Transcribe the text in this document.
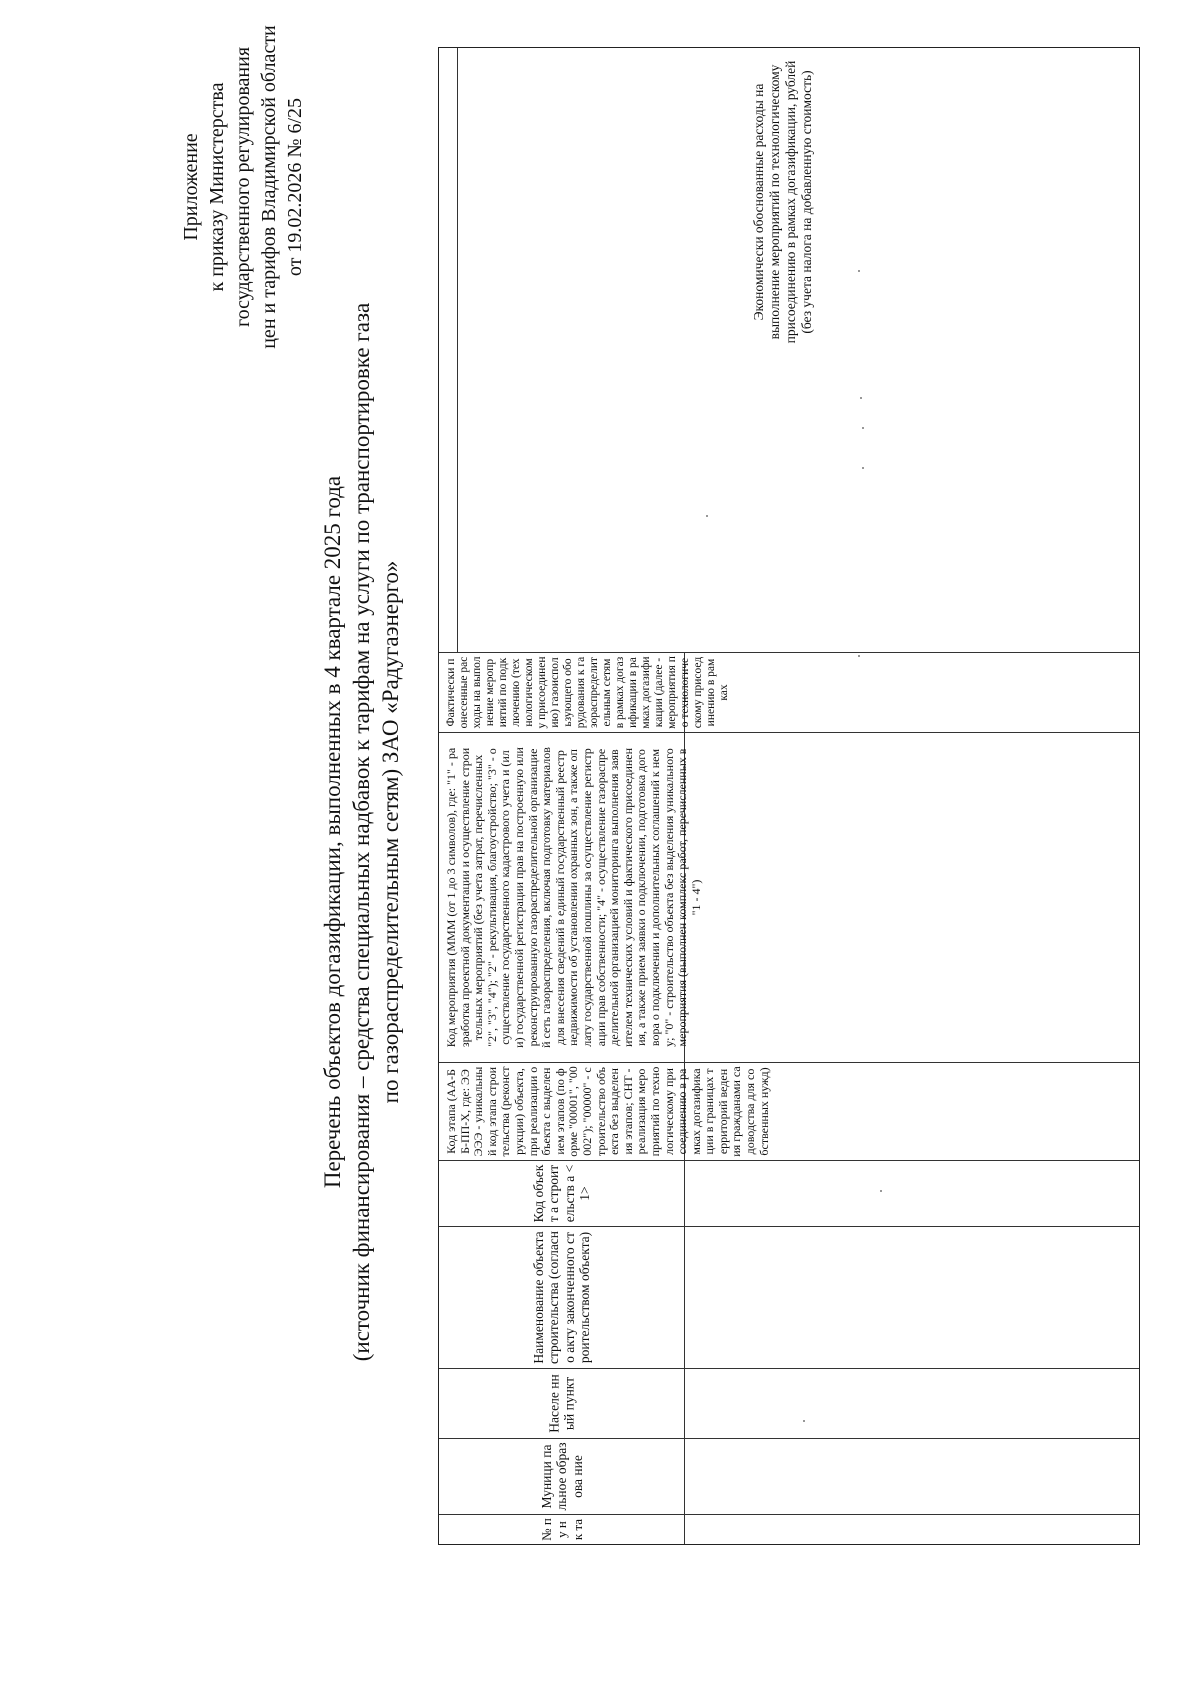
Приложение к приказу Министерства государственного регулирования цен и тарифов Владимирской области от 19.02.2026 № 6/25
Перечень объектов догазификации, выполненных в 4 квартале 2025 года (источник финансирования – средства специальных надбавок к тарифам на услуги по транспортировке газа по газораспределительным сетям) ЗАО «Радугаэнерго»
№ пу нк та
Муници пальное образова ние
Населе нный пункт
Наименование объекта строительства (согласно акту законченного строительством объекта)
Код объект а строит ельств а <1>
Код этапа (АА-ББ-ПП-Х, где: ЭЭЭЭЭ - уникальный код этапа строительства (реконструкции) объекта, при реализации объекта с выделением этапов (по форме "00001", "00002"); "00000" - строительство объекта без выделения этапов; СНТ - реализация мероприятий по технологическому присоединению в рамках догазификации в границах территорий ведения гражданами садоводства для собственных нужд)
Код мероприятия (МММ (от 1 до 3 символов), где: "1" - разработка проектной документации и осуществление строительных мероприятий (без учета затрат, перечисленных "2", "3", "4"); "2" - рекультивация, благоустройство; "3" - осуществление государственного кадастрового учета и (или) государственной регистрации прав на построенную или реконструированную газораспределительной организацией сеть газораспределения, включая подготовку материалов для внесения сведений в единый государственный реестр недвижимости об установлении охранных зон, а также оплату государственной пошлины за осуществление регистрации прав собственности; "4" - осуществление газораспределительной организацией мониторинга выполнения заявителем технических условий и фактического присоединения, а также прием заявки о подключении, подготовка договора о подключении и дополнительных соглашений к нему; "0" - строительство объекта без выделения уникального мероприятия (выполнен комплекс работ, перечисленных в "1 - 4")
Фактически понесенные расходы на выполнение мероприятий по подключению (технологическому присоединению) газоиспользующего оборудования к газораспределительным сетям в рамках догазификации в рамках догазификации (далее - мероприятия по технологическому присоединению в рамках
Экономически обоснованные расходы на выполнение мероприятий по технологическому присоединению в рамках догазификации, рублей (без учета налога на добавленную стоимость)
